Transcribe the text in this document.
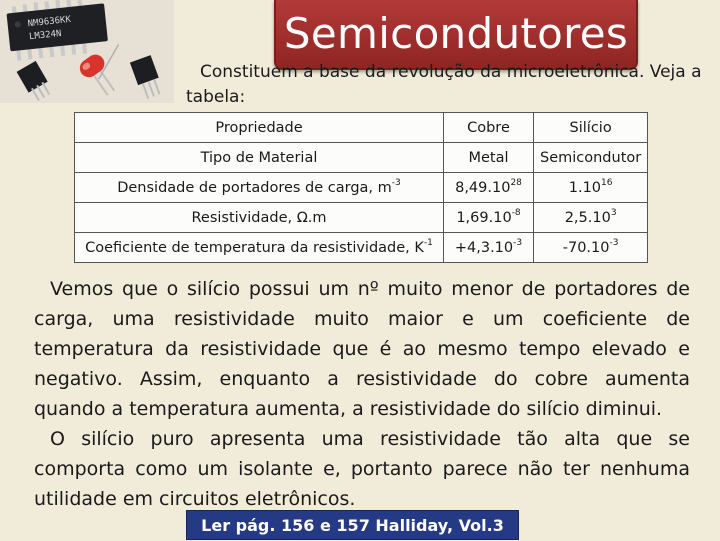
NM9636KK
LM324N	Semicondutores
Constituem a base da revolução da microeletrônica. Veja a tabela:
Propriedade	Cobre	Silício
Tipo de Material	Metal	Semicondutor
Densidade de portadores de carga, $m^{-3}$	8,49.10$^{28}$	1.10$^{16}$
Resistividade, Ω.m	$1,69.10^{-8}$	2,5.10$^3$
Coeficiente de temperatura da resistividade, $K^{-1}$	$+4,3.10^{-3}$	$-70.10^{-3}$

Vemos que o silício possui um nº muito menor de portadores de carga, uma resistividade muito maior e um coeficiente de temperatura da resistividade que é ao mesmo tempo elevado e negativo. Assim, enquanto a resistividade do cobre aumenta quando a temperatura aumenta, a resistividade do silício diminui.

O silício puro apresenta uma resistividade tão alta que se comporta como um isolante e, portanto parece não ter nenhuma utilidade em circuitos eletrônicos.

Ler pág. 156 e 157 Halliday, Vol.3
